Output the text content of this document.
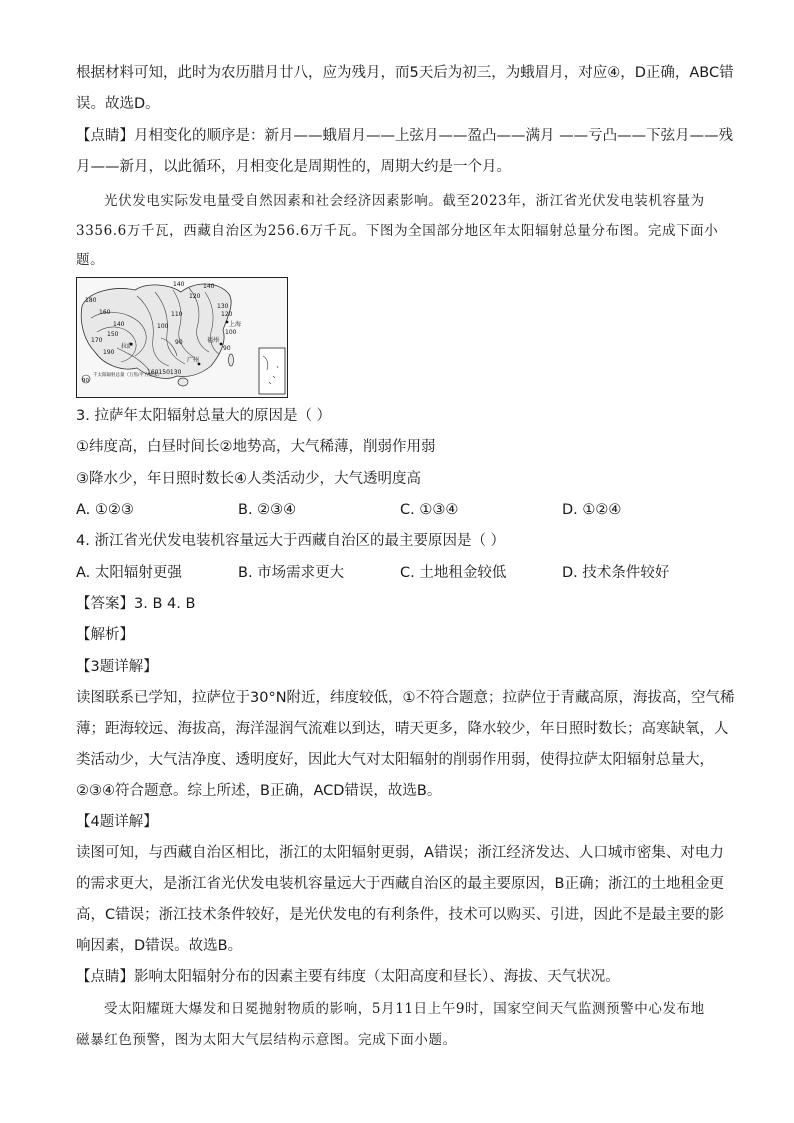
根据材料可知，此时为农历腊月廿八，应为残月，而5天后为初三，为蛾眉月，对应④，D正确，ABC错
误。故选D。
【点睛】月相变化的顺序是：新月——蛾眉月——上弦月——盈凸——满月 ——亏凸——下弦月——残
月——新月，以此循环，月相变化是周期性的，周期大约是一个月。
光伏发电实际发电量受自然因素和社会经济因素影响。截至2023年，浙江省光伏发电装机容量为
3356.6万千瓦，西藏自治区为256.6万千瓦。下图为全国部分地区年太阳辐射总量分布图。完成下面小
题。
180
160
140
150
170
190
拉萨
140
120
100
110
90
140
130
120
上海
福州
广州
100
90
160150130
90
千太阳辐射总量（万焦/平方厘米）
3. 拉萨年太阳辐射总量大的原因是（ ）
①纬度高，白昼时间长②地势高，大气稀薄，削弱作用弱
③降水少，年日照时数长④人类活动少，大气透明度高
A. ①②③	B. ②③④	C. ①③④	D. ①②④
4. 浙江省光伏发电装机容量远大于西藏自治区的最主要原因是（ ）
A. 太阳辐射更强	B. 市场需求更大	C. 土地租金较低	D. 技术条件较好
【答案】3. B 4. B
【解析】
【3题详解】
读图联系已学知，拉萨位于30°N附近，纬度较低，①不符合题意；拉萨位于青藏高原，海拔高，空气稀
薄；距海较远、海拔高，海洋湿润气流难以到达，晴天更多，降水较少，年日照时数长；高寒缺氧，人
类活动少，大气洁净度、透明度好，因此大气对太阳辐射的削弱作用弱，使得拉萨太阳辐射总量大，
②③④符合题意。综上所述，B正确，ACD错误，故选B。
【4题详解】
读图可知，与西藏自治区相比，浙江的太阳辐射更弱，A错误；浙江经济发达、人口城市密集、对电力
的需求更大，是浙江省光伏发电装机容量远大于西藏自治区的最主要原因，B正确；浙江的土地租金更
高，C错误；浙江技术条件较好，是光伏发电的有利条件，技术可以购买、引进，因此不是最主要的影
响因素，D错误。故选B。
【点睛】影响太阳辐射分布的因素主要有纬度（太阳高度和昼长）、海拔、天气状况。
受太阳耀斑大爆发和日冕抛射物质的影响，5月11日上午9时，国家空间天气监测预警中心发布地
磁暴红色预警，图为太阳大气层结构示意图。完成下面小题。
